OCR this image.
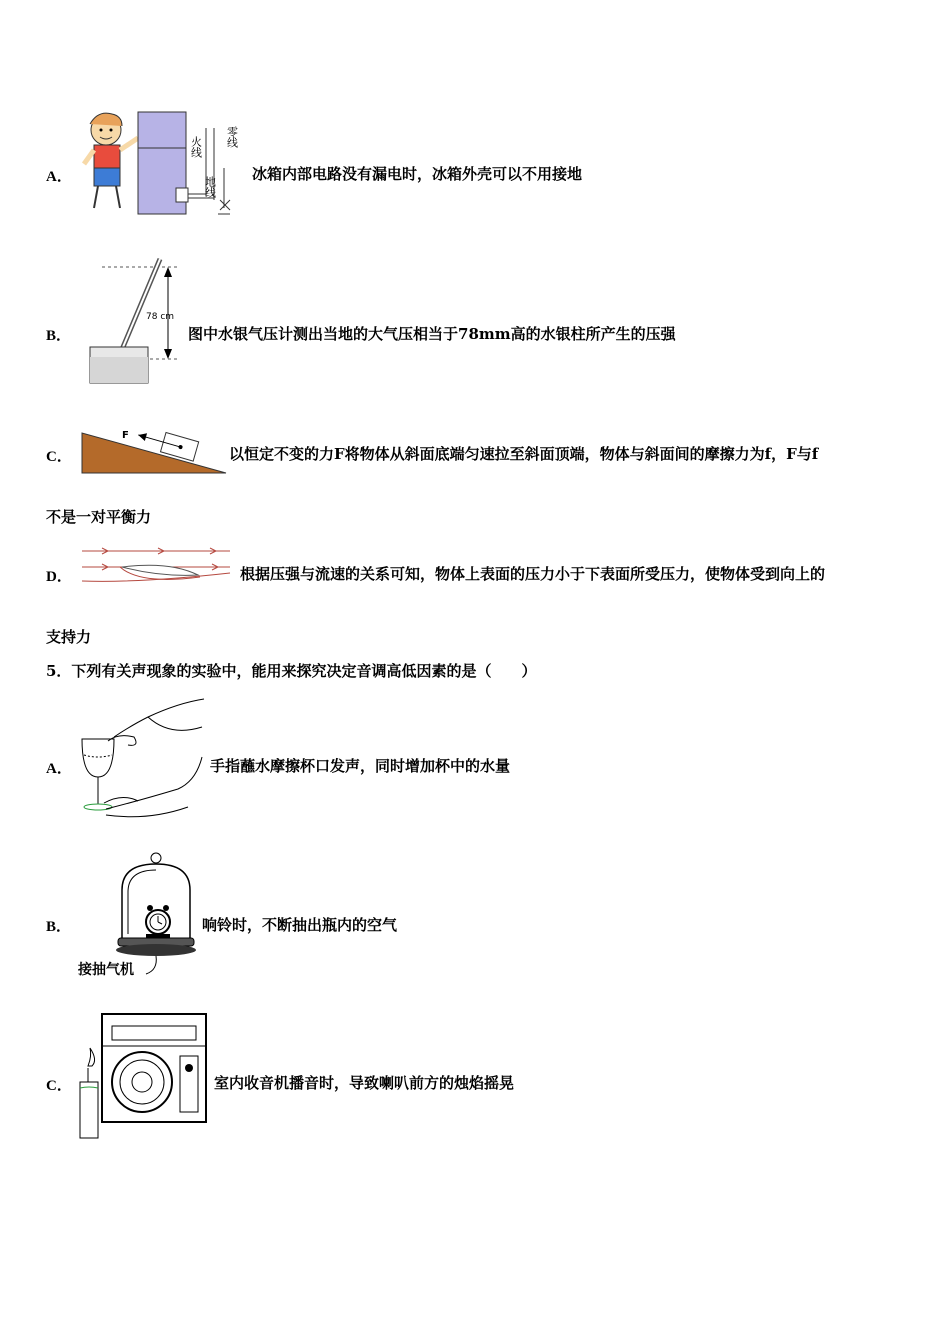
A．
火线 零线
地线
冰箱内部电路没有漏电时，冰箱外壳可以不用接地
B．
78 cm
图中水银气压计测出当地的大气压相当于78mm高的水银柱所产生的压强
C．
F
以恒定不变的力F将物体从斜面底端匀速拉至斜面顶端，物体与斜面间的摩擦力为f，F与f
不是一对平衡力
D．	根据压强与流速的关系可知，物体上表面的压力小于下表面所受压力，使物体受到向上的
支持力
5．下列有关声现象的实验中，能用来探究决定音调高低因素的是（　　）
A．	手指蘸水摩擦杯口发声，同时增加杯中的水量
B．
接抽气机
响铃时，不断抽出瓶内的空气
C．	室内收音机播音时，导致喇叭前方的烛焰摇晃
